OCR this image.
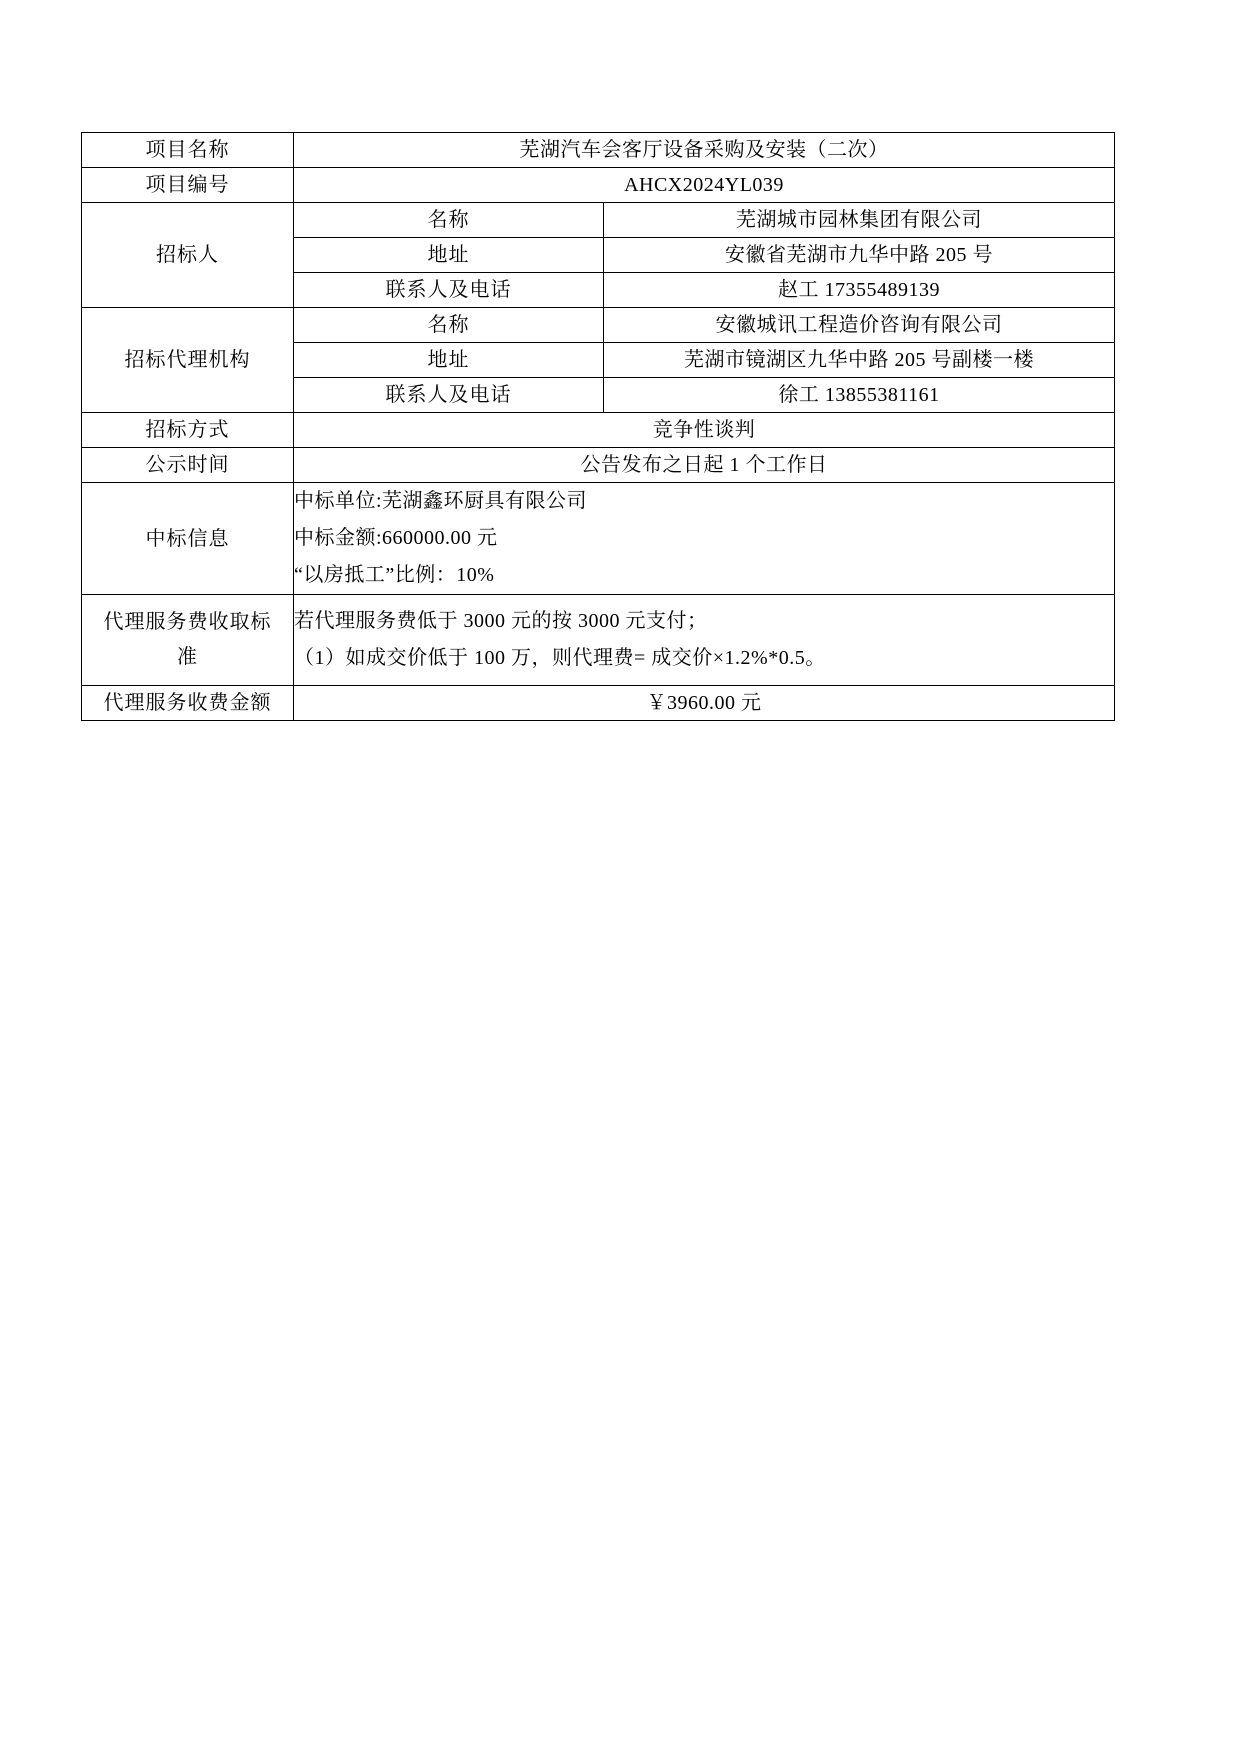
项目名称	芜湖汽车会客厅设备采购及安装（二次）	
项目编号	AHCX2024YL039	
招标人	名称	芜湖城市园林集团有限公司
	地址	安徽省芜湖市九华中路 205 号
	联系人及电话	赵工 17355489139
招标代理机构	名称	安徽城讯工程造价咨询有限公司
	地址	芜湖市镜湖区九华中路 205 号副楼一楼
	联系人及电话	徐工 13855381161
招标方式	竞争性谈判	
公示时间	公告发布之日起 1 个工作日	
中标信息	中标单位:芜湖鑫环厨具有限公司
中标金额:660000.00 元
“以房抵工”比例：10%	

代理服务费收取标
准	若代理服务费低于 3000 元的按 3000 元支付；
（1）如成交价低于 100 万，则代理费= 成交价×1.2%*0.5。	

代理服务收费金额	￥3960.00 元	
